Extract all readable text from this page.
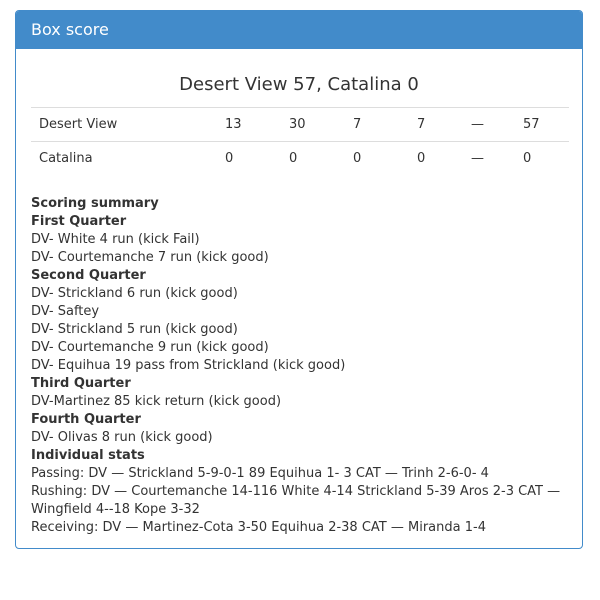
Box score
Desert View 57, Catalina 0
Desert View	13	30	7	7	—	57
Catalina	0	0	0	0	—	0
Scoring summary
First Quarter
DV- White 4 run (kick Fail)
DV- Courtemanche 7 run (kick good)
Second Quarter
DV- Strickland 6 run (kick good)
DV- Saftey
DV- Strickland 5 run (kick good)
DV- Courtemanche 9 run (kick good)
DV- Equihua 19 pass from Strickland (kick good)
Third Quarter
DV-Martinez 85 kick return (kick good)
Fourth Quarter
DV- Olivas 8 run (kick good)
Individual stats
Passing: DV — Strickland 5-9-0-1 89 Equihua 1- 3 CAT — Trinh 2-6-0- 4
Rushing: DV — Courtemanche 14-116 White 4-14 Strickland 5-39 Aros 2-3 CAT — Wingfield 4--18 Kope 3-32
Receiving: DV — Martinez-Cota 3-50 Equihua 2-38 CAT — Miranda 1-4
